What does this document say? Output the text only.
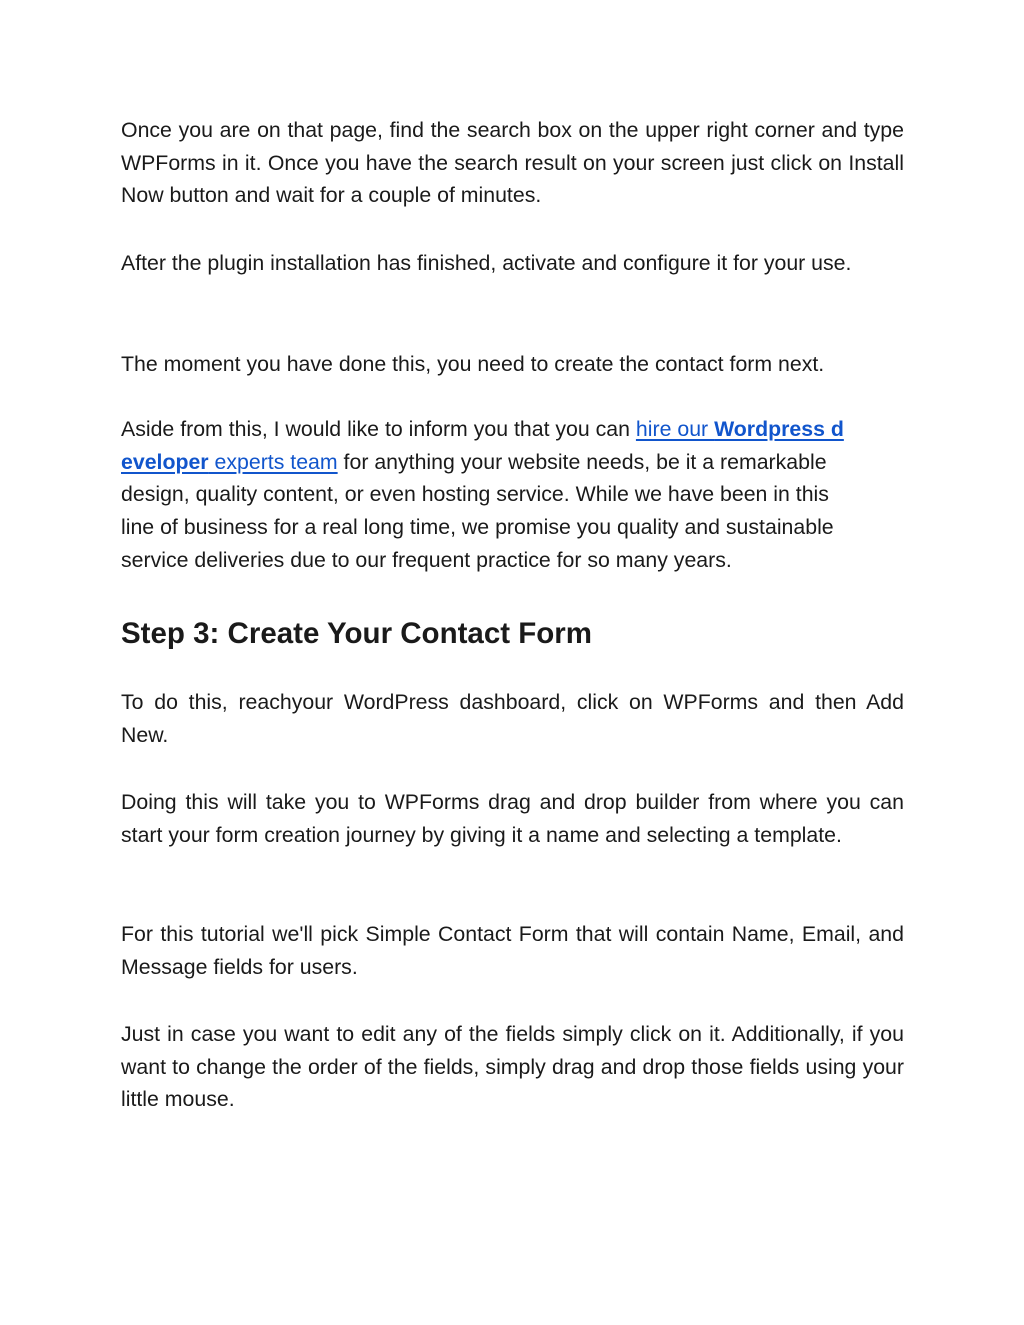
Once you are on that page, find the search box on the upper right corner and type WPForms in it. Once you have the search result on your screen just click on Install Now button and wait for a couple of minutes.

After the plugin installation has finished, activate and configure it for your use.

The moment you have done this, you need to create the contact form next.

Aside from this, I would like to inform you that you can hire our Wordpress d
eveloper experts team for anything your website needs, be it a remarkable
design, quality content, or even hosting service. While we have been in this
line of business for a real long time, we promise you quality and sustainable
service deliveries due to our frequent practice for so many years.

Step 3: Create Your Contact Form

To do this, reachyour WordPress dashboard, click on WPForms and then Add New.

Doing this will take you to WPForms drag and drop builder from where you can start your form creation journey by giving it a name and selecting a template.

For this tutorial we'll pick Simple Contact Form that will contain Name, Email, and Message fields for users.

Just in case you want to edit any of the fields simply click on it. Additionally, if you want to change the order of the fields, simply drag and drop those fields using your little mouse.
